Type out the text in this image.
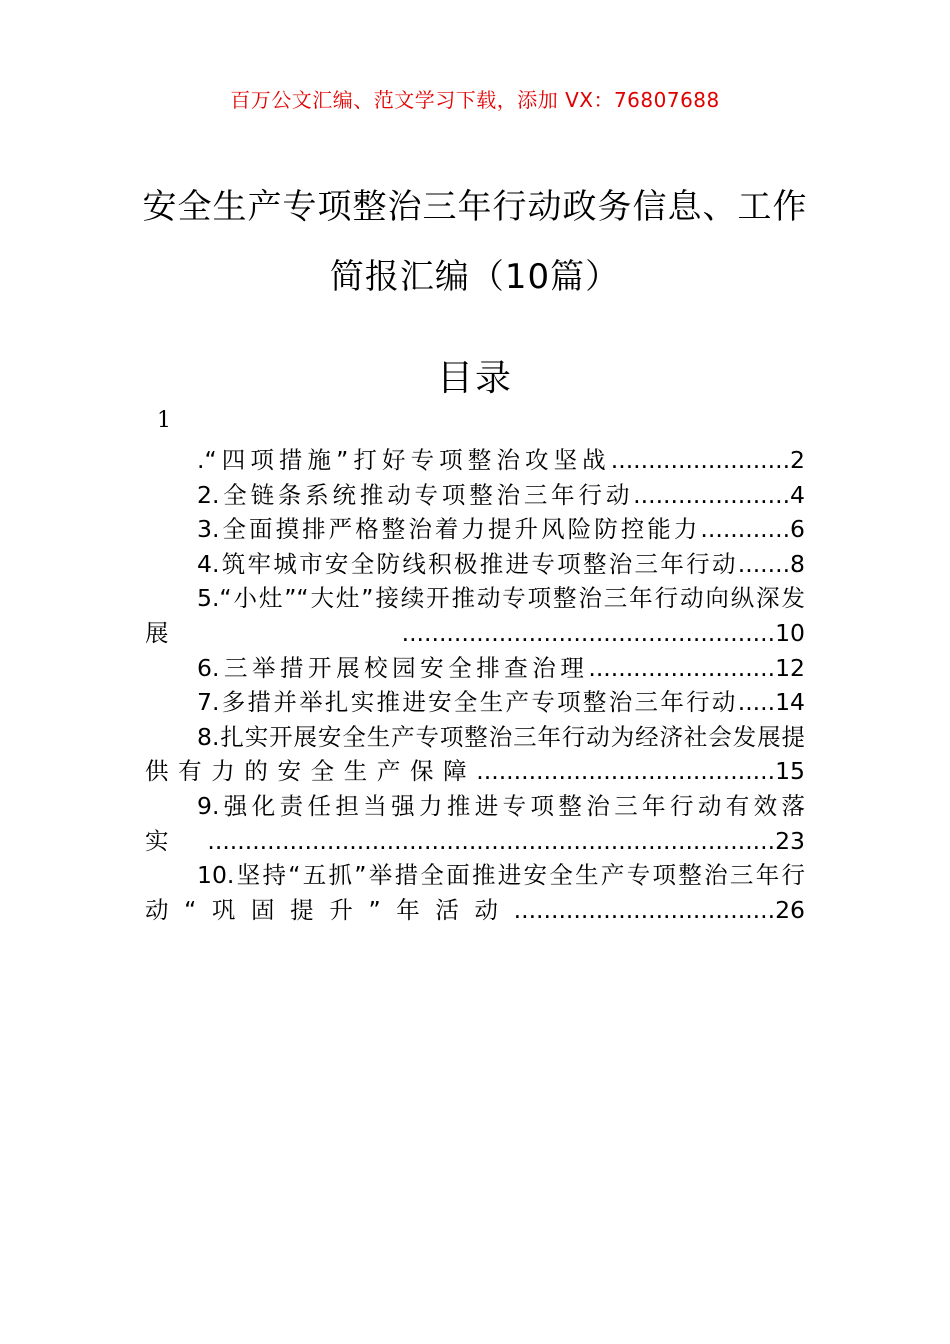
百万公文汇编、范文学习下载，添加 VX：76807688
安全生产专项整治三年行动政务信息、工作简报汇编（10篇）
目录
1
.“四项措施”打好专项整治攻坚战........................2
2.全链条系统推动专项整治三年行动.....................4
3.全面摸排严格整治着力提升风险防控能力............6
4.筑牢城市安全防线积极推进专项整治三年行动.......8
5.“小灶”“大灶”接续开推动专项整治三年行动向纵深发展..................................................10
6.三举措开展校园安全排查治理.........................12
7.多措并举扎实推进安全生产专项整治三年行动.....14
8.扎实开展安全生产专项整治三年行动为经济社会发展提供有力的安全生产保障........................................15
9.强化责任担当强力推进专项整治三年行动有效落实............................................................................23
10.坚持“五抓”举措全面推进安全生产专项整治三年行动“巩固提升”年活动...................................26
